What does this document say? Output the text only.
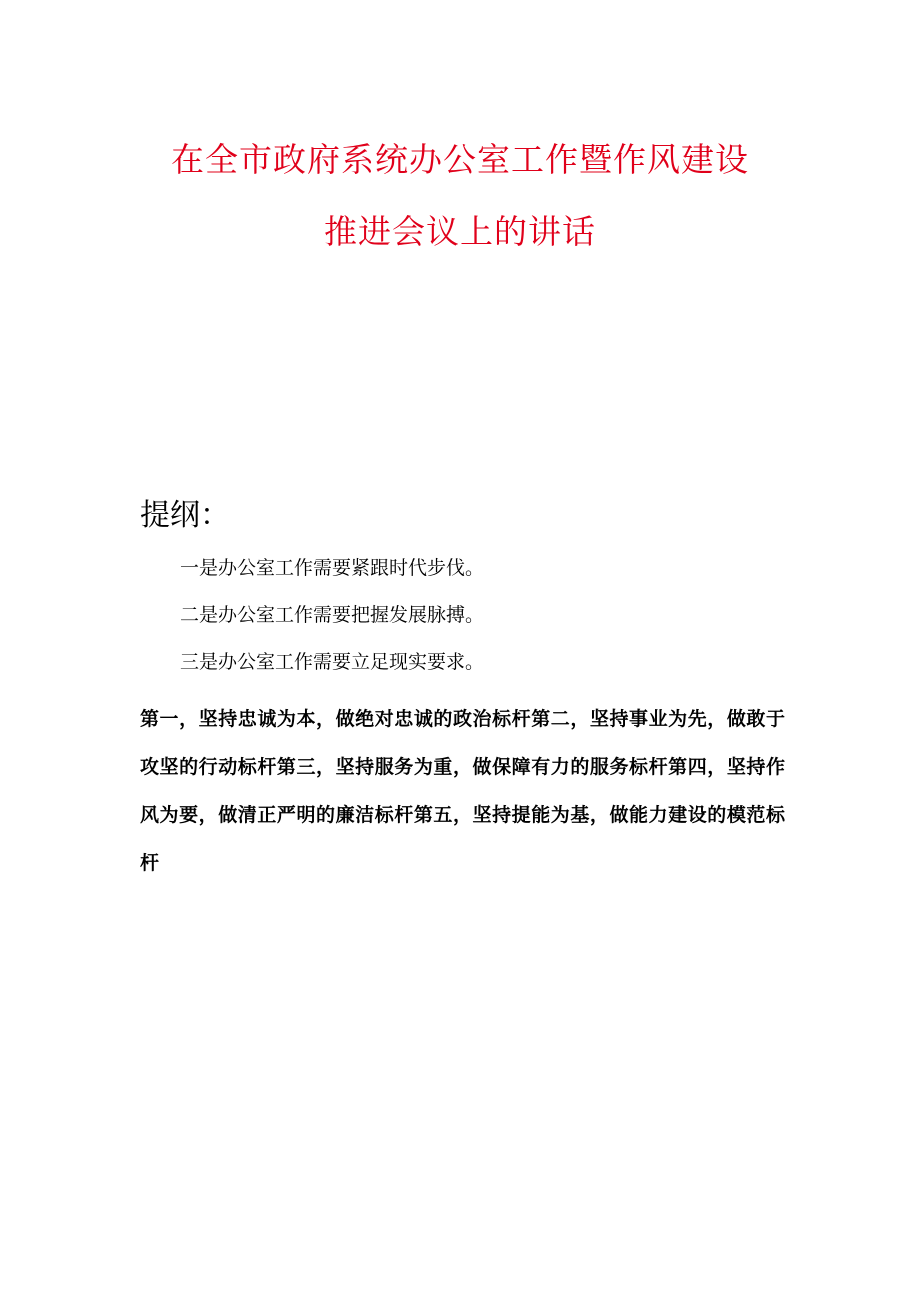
在全市政府系统办公室工作暨作风建设
推进会议上的讲话
提纲：
一是办公室工作需要紧跟时代步伐。
二是办公室工作需要把握发展脉搏。
三是办公室工作需要立足现实要求。
第一，坚持忠诚为本，做绝对忠诚的政治标杆第二，坚持事业为先，做敢于攻坚的行动标杆第三，坚持服务为重，做保障有力的服务标杆第四，坚持作风为要，做清正严明的廉洁标杆第五，坚持提能为基，做能力建设的模范标杆
